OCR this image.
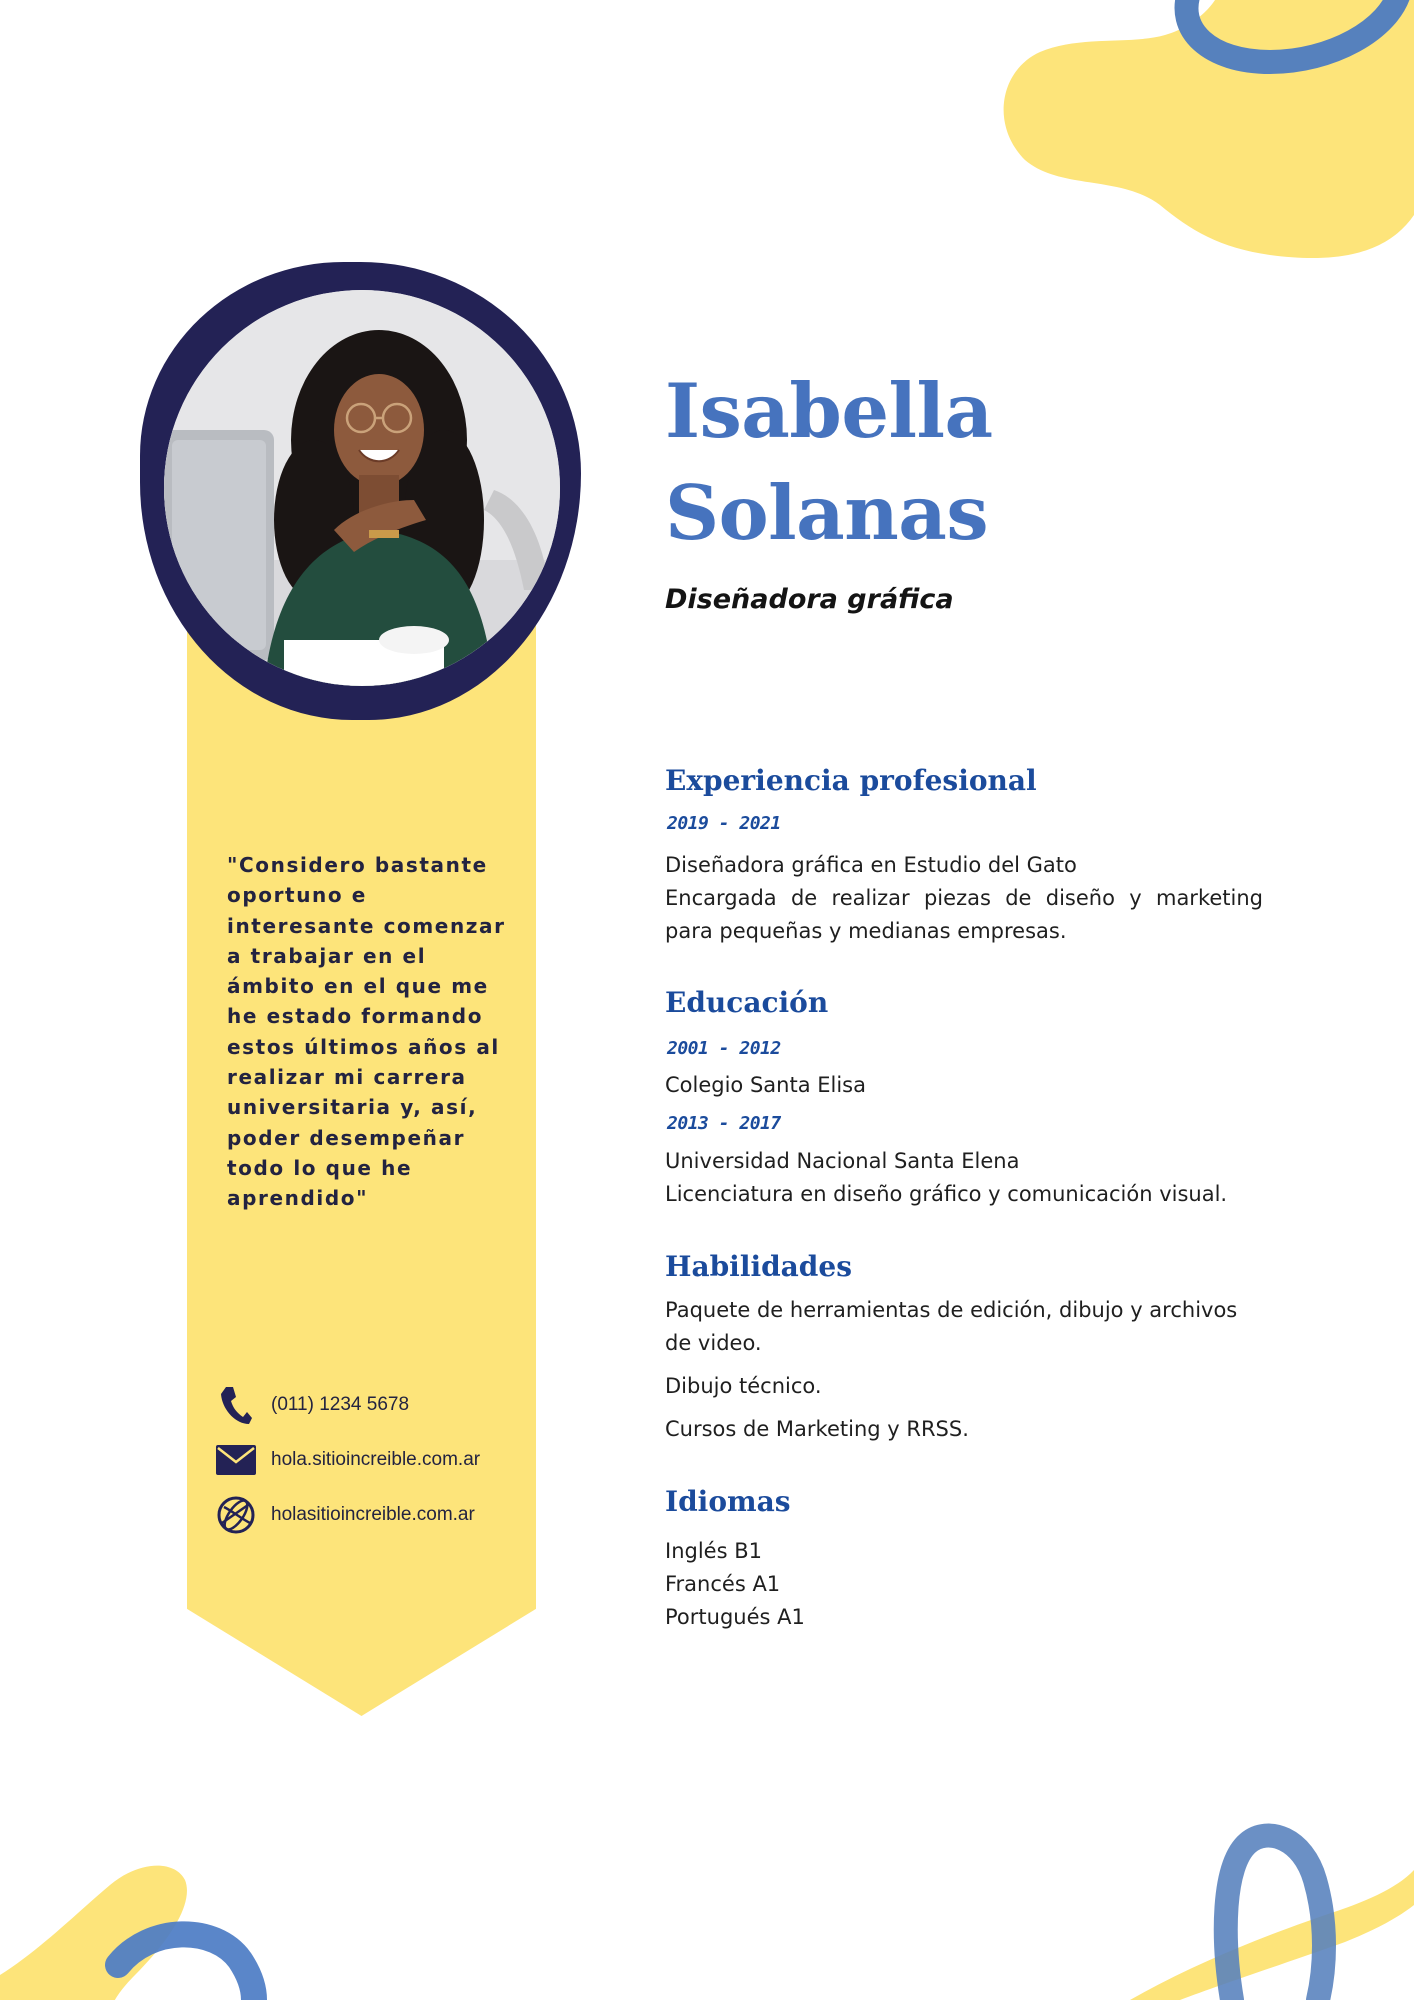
"Considero bastante oportuno e interesante comenzar a trabajar en el ámbito en el que me he estado formando estos últimos años al realizar mi carrera universitaria y, así, poder desempeñar todo lo que he aprendido"

(011) 1234 5678
hola.sitioincreible.com.ar
holasitioincreible.com.ar
Isabella
Solanas

Diseñadora gráfica

Experiencia profesional

2019 - 2021

Diseñadora gráfica en Estudio del Gato
Encargada de realizar piezas de diseño y marketing para pequeñas y medianas empresas.
Educación

2001 - 2012

Colegio Santa Elisa

2013 - 2017

Universidad Nacional Santa Elena
Licenciatura en diseño gráfico y comunicación visual.
Habilidades
Paquete de herramientas de edición, dibujo y archivos de video.
Dibujo técnico.
Cursos de Marketing y RRSS.
Idiomas
Inglés B1
Francés A1
Portugués A1
